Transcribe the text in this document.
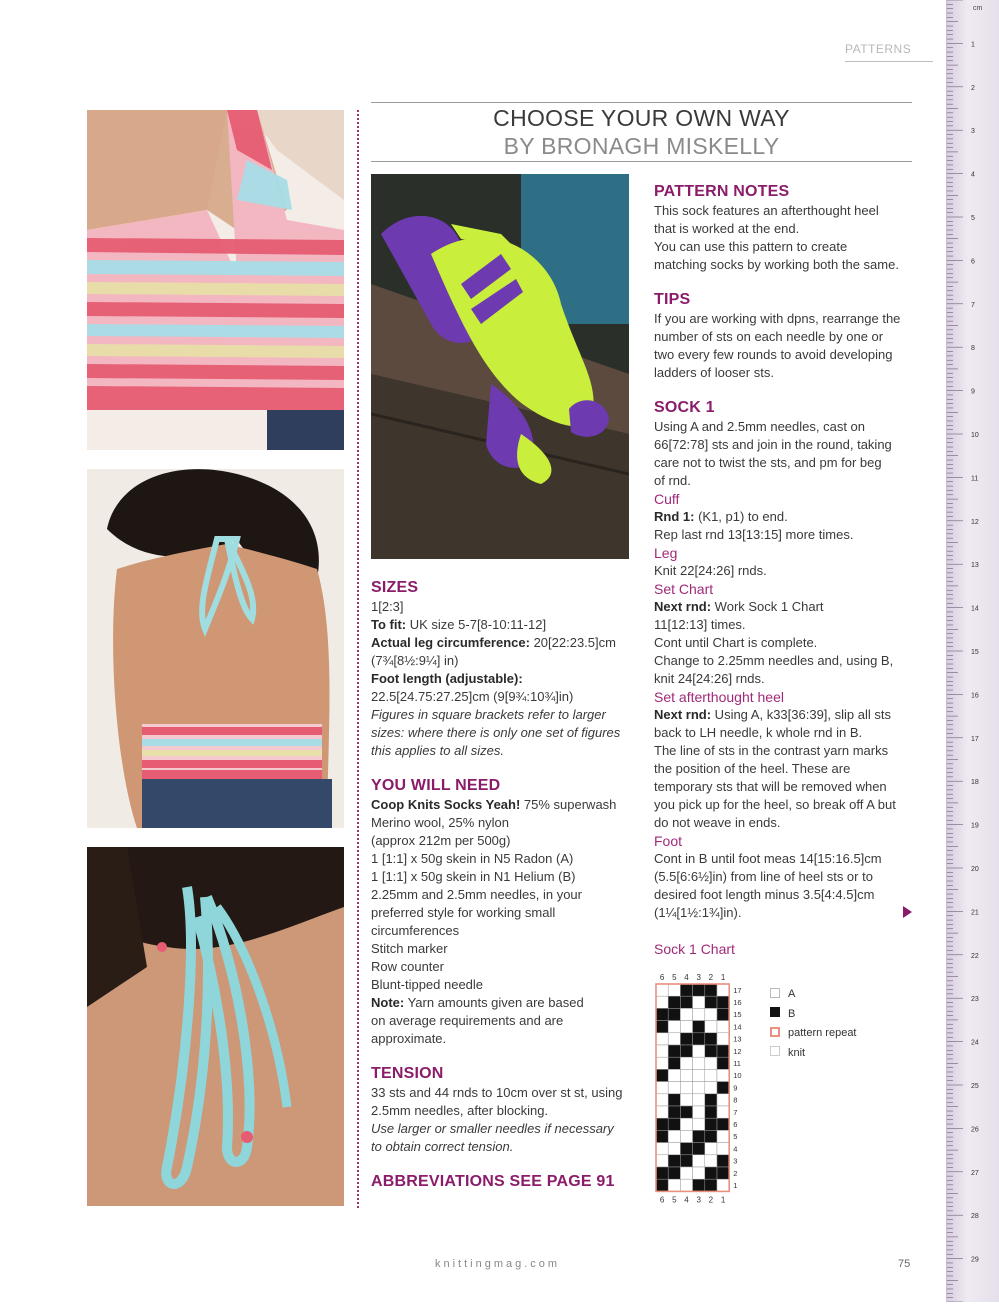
PATTERNS
cm
1
2
3
4
5
6
7
8
9
10
11
12
13
14
15
16
17
18
19
20
21
22
23
24
25
26
27
28
29
CHOOSE YOUR OWN WAY
BY BRONAGH MISKELLY
SIZES
1[2:3]
To fit: UK size 5-7[8-10:11-12]
Actual leg circumference: 20[22:23.5]cm
(7¾[8½:9¼] in)
Foot length (adjustable):
22.5[24.75:27.25]cm (9[9¾:10¾]in)
Figures in square brackets refer to larger
sizes: where there is only one set of figures
this applies to all sizes.
YOU WILL NEED
Coop Knits Socks Yeah! 75% superwash
Merino wool, 25% nylon
(approx 212m per 500g)
1 [1:1] x 50g skein in N5 Radon (A)
1 [1:1] x 50g skein in N1 Helium (B)
2.25mm and 2.5mm needles, in your
preferred style for working small
circumferences
Stitch marker
Row counter
Blunt-tipped needle
Note: Yarn amounts given are based
on average requirements and are
approximate.
TENSION
33 sts and 44 rnds to 10cm over st st, using
2.5mm needles, after blocking.
Use larger or smaller needles if necessary
to obtain correct tension.
ABBREVIATIONS SEE PAGE 91
PATTERN NOTES
This sock features an afterthought heel
that is worked at the end.
You can use this pattern to create
matching socks by working both the same.
TIPS
If you are working with dpns, rearrange the
number of sts on each needle by one or
two every few rounds to avoid developing
ladders of looser sts.
SOCK 1
Using A and 2.5mm needles, cast on
66[72:78] sts and join in the round, taking
care not to twist the sts, and pm for beg
of rnd.
Cuff
Rnd 1: (K1, p1) to end.
Rep last rnd 13[13:15] more times.
Leg
Knit 22[24:26] rnds.
Set Chart
Next rnd: Work Sock 1 Chart
11[12:13] times.
Cont until Chart is complete.
Change to 2.25mm needles and, using B,
knit 24[24:26] rnds.
Set afterthought heel
Next rnd: Using A, k33[36:39], slip all sts
back to LH needle, k whole rnd in B.
The line of sts in the contrast yarn marks
the position of the heel. These are
temporary sts that will be removed when
you pick up for the heel, so break off A but
do not weave in ends.
Foot
Cont in B until foot meas 14[15:16.5]cm
(5.5[6:6½]in) from line of heel sts or to
desired foot length minus 3.5[4:4.5]cm
(1¼[1½:1¾]in).
Sock 1 Chart
6
6
5
5
4
4
3
3
2
2
1
1
17
16
15
14
13
12
11
10
9
8
7
6
5
4
3
2
1
A
B
pattern repeat
knit
knittingmag.com	75
